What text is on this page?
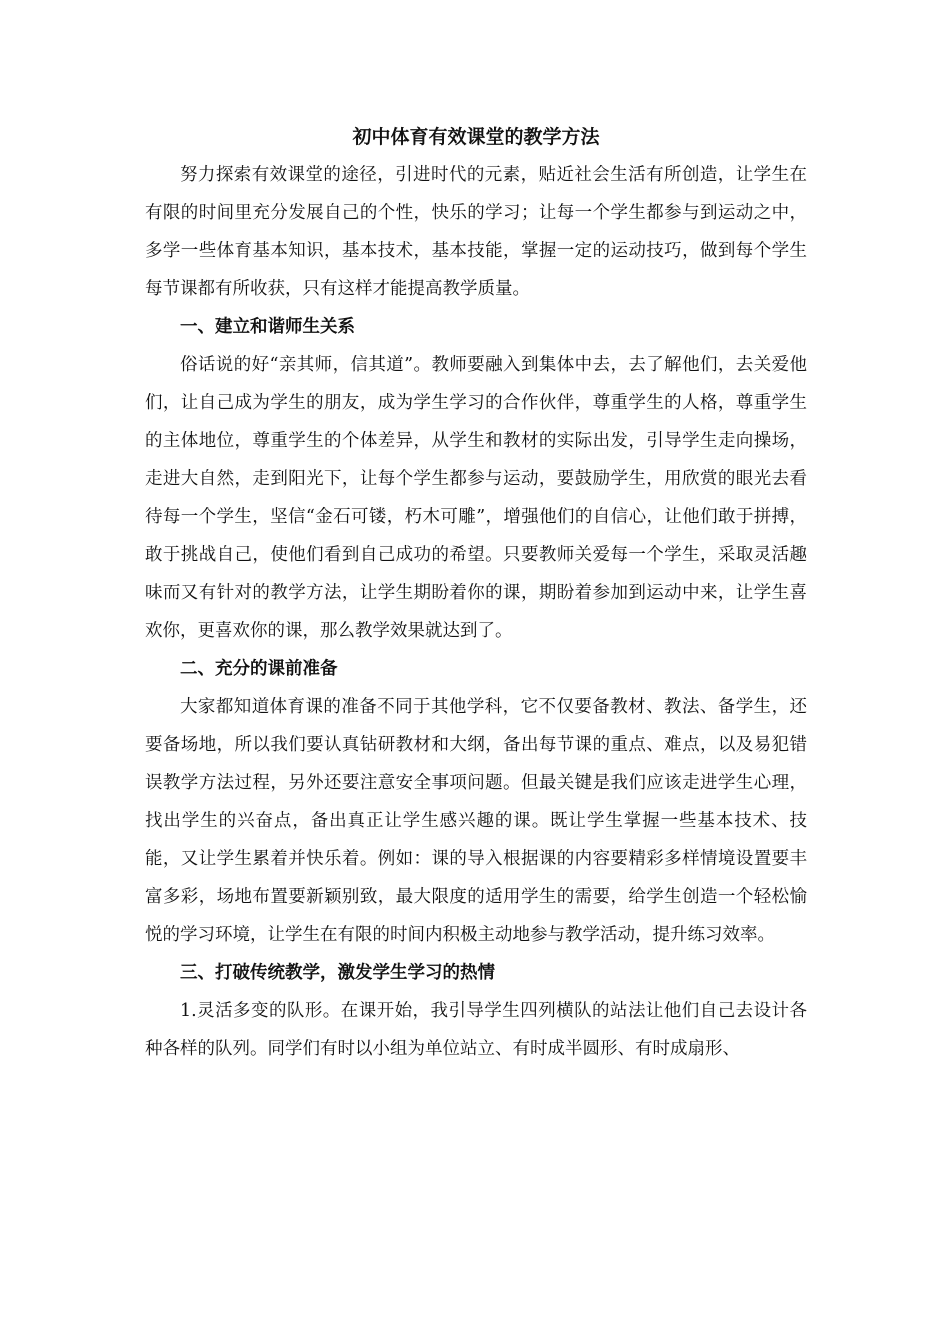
初中体育有效课堂的教学方法

努力探索有效课堂的途径，引进时代的元素，贴近社会生活有所创造，让学生在有限的时间里充分发展自己的个性，快乐的学习；让每一个学生都参与到运动之中，多学一些体育基本知识，基本技术，基本技能，掌握一定的运动技巧，做到每个学生每节课都有所收获，只有这样才能提高教学质量。

一、建立和谐师生关系

俗话说的好“亲其师，信其道”。教师要融入到集体中去，去了解他们，去关爱他们，让自己成为学生的朋友，成为学生学习的合作伙伴，尊重学生的人格，尊重学生的主体地位，尊重学生的个体差异，从学生和教材的实际出发，引导学生走向操场，走进大自然，走到阳光下，让每个学生都参与运动，要鼓励学生，用欣赏的眼光去看待每一个学生，坚信“金石可镂，朽木可雕”，增强他们的自信心，让他们敢于拼搏，敢于挑战自己，使他们看到自己成功的希望。只要教师关爱每一个学生，采取灵活趣味而又有针对的教学方法，让学生期盼着你的课，期盼着参加到运动中来，让学生喜欢你，更喜欢你的课，那么教学效果就达到了。

二、充分的课前准备

大家都知道体育课的准备不同于其他学科，它不仅要备教材、教法、备学生，还要备场地，所以我们要认真钻研教材和大纲，备出每节课的重点、难点，以及易犯错误教学方法过程，另外还要注意安全事项问题。但最关键是我们应该走进学生心理，找出学生的兴奋点，备出真正让学生感兴趣的课。既让学生掌握一些基本技术、技能，又让学生累着并快乐着。例如：课的导入根据课的内容要精彩多样情境设置要丰富多彩，场地布置要新颖别致，最大限度的适用学生的需要，给学生创造一个轻松愉悦的学习环境，让学生在有限的时间内积极主动地参与教学活动，提升练习效率。

三、打破传统教学，激发学生学习的热情

1.灵活多变的队形。在课开始，我引导学生四列横队的站法让他们自己去设计各种各样的队列。同学们有时以小组为单位站立、有时成半圆形、有时成扇形、
